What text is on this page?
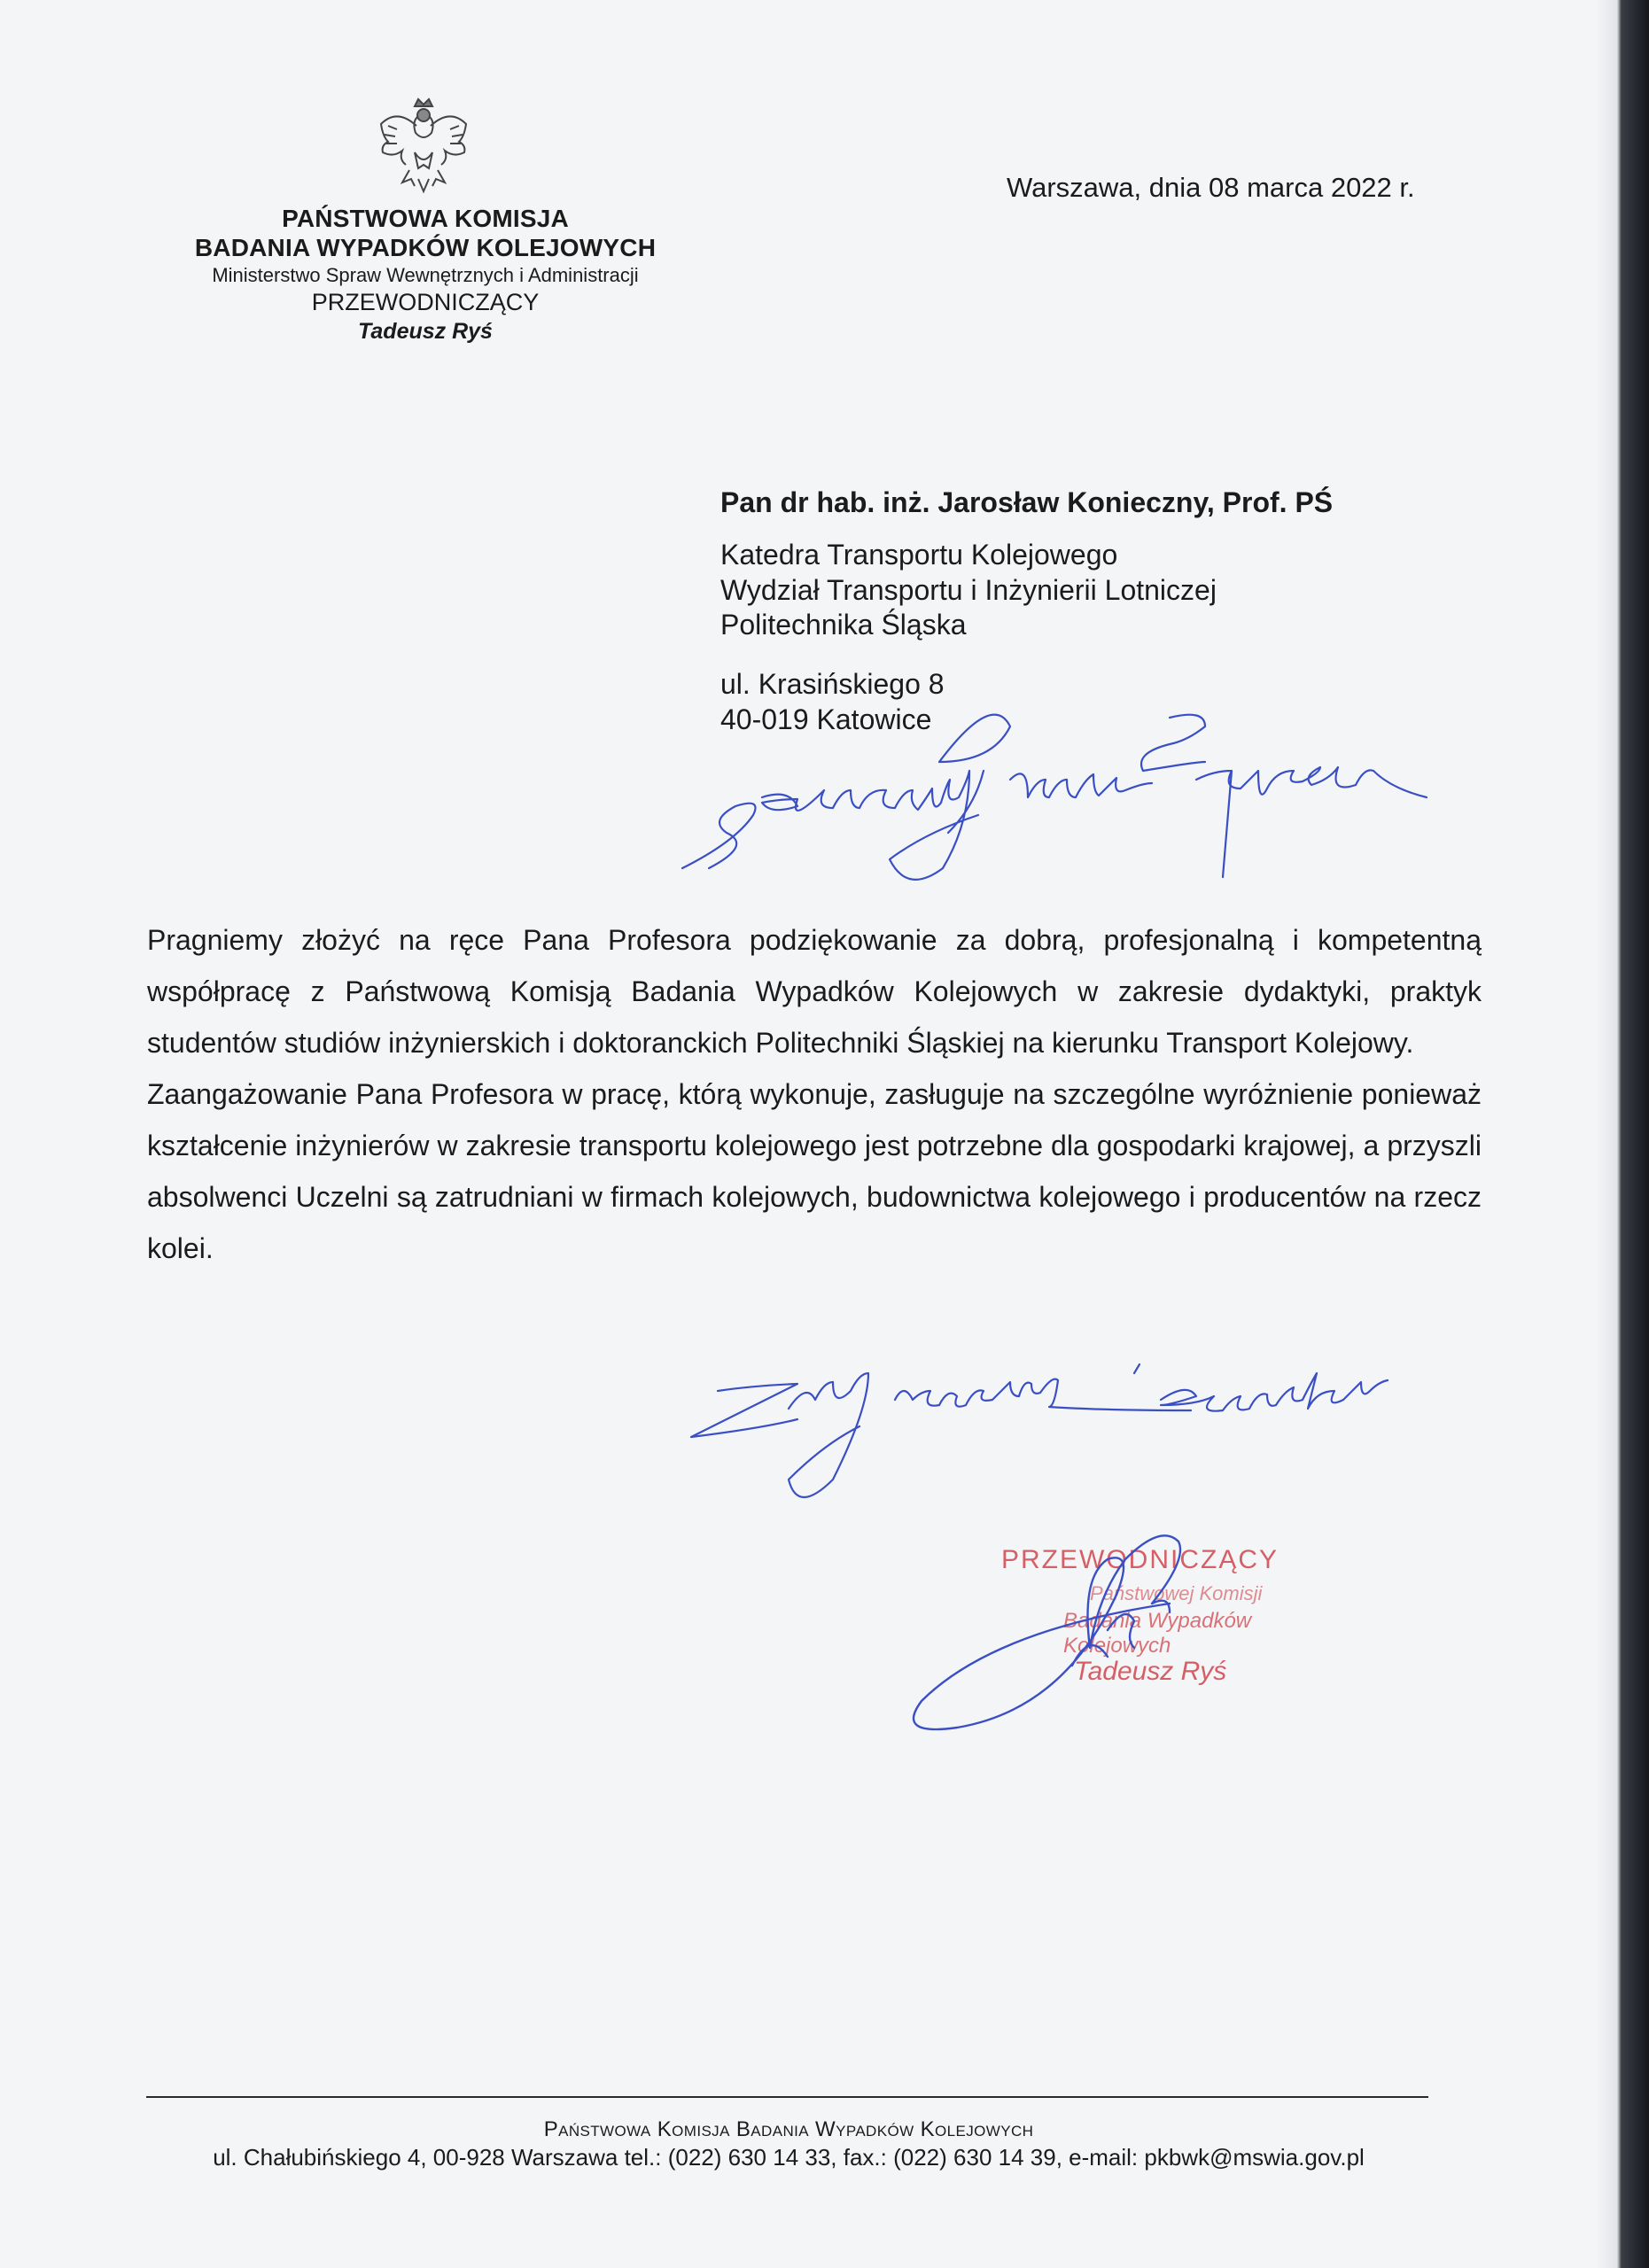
PAŃSTWOWA KOMISJA
BADANIA WYPADKÓW KOLEJOWYCH
Ministerstwo Spraw Wewnętrznych i Administracji
PRZEWODNICZĄCY
Tadeusz Ryś
Warszawa, dnia 08 marca 2022 r.
Pan dr hab. inż. Jarosław Konieczny, Prof. PŚ
Katedra Transportu Kolejowego
Wydział Transportu i Inżynierii Lotniczej
Politechnika Śląska
ul. Krasińskiego 8
40-019 Katowice

Pragniemy złożyć na ręce Pana Profesora podziękowanie za dobrą, profesjonalną i kompetentną współpracę z Państwową Komisją Badania Wypadków Kolejowych w zakresie dydaktyki, praktyk studentów studiów inżynierskich i doktoranckich Politechniki Śląskiej na kierunku Transport Kolejowy.

Zaangażowanie Pana Profesora w pracę, którą wykonuje, zasługuje na szczególne wyróżnienie ponieważ kształcenie inżynierów w zakresie transportu kolejowego jest potrzebne dla gospodarki krajowej, a przyszli absolwenci Uczelni są zatrudniani w firmach kolejowych, budownictwa kolejowego i producentów na rzecz kolei.

PRZEWODNICZĄCY
Państwowej Komisji
Badania Wypadków Kolejowych
Tadeusz Ryś
Państwowa Komisja Badania Wypadków Kolejowych
ul. Chałubińskiego 4, 00-928 Warszawa tel.: (022) 630 14 33, fax.: (022) 630 14 39, e-mail: pkbwk@mswia.gov.pl
